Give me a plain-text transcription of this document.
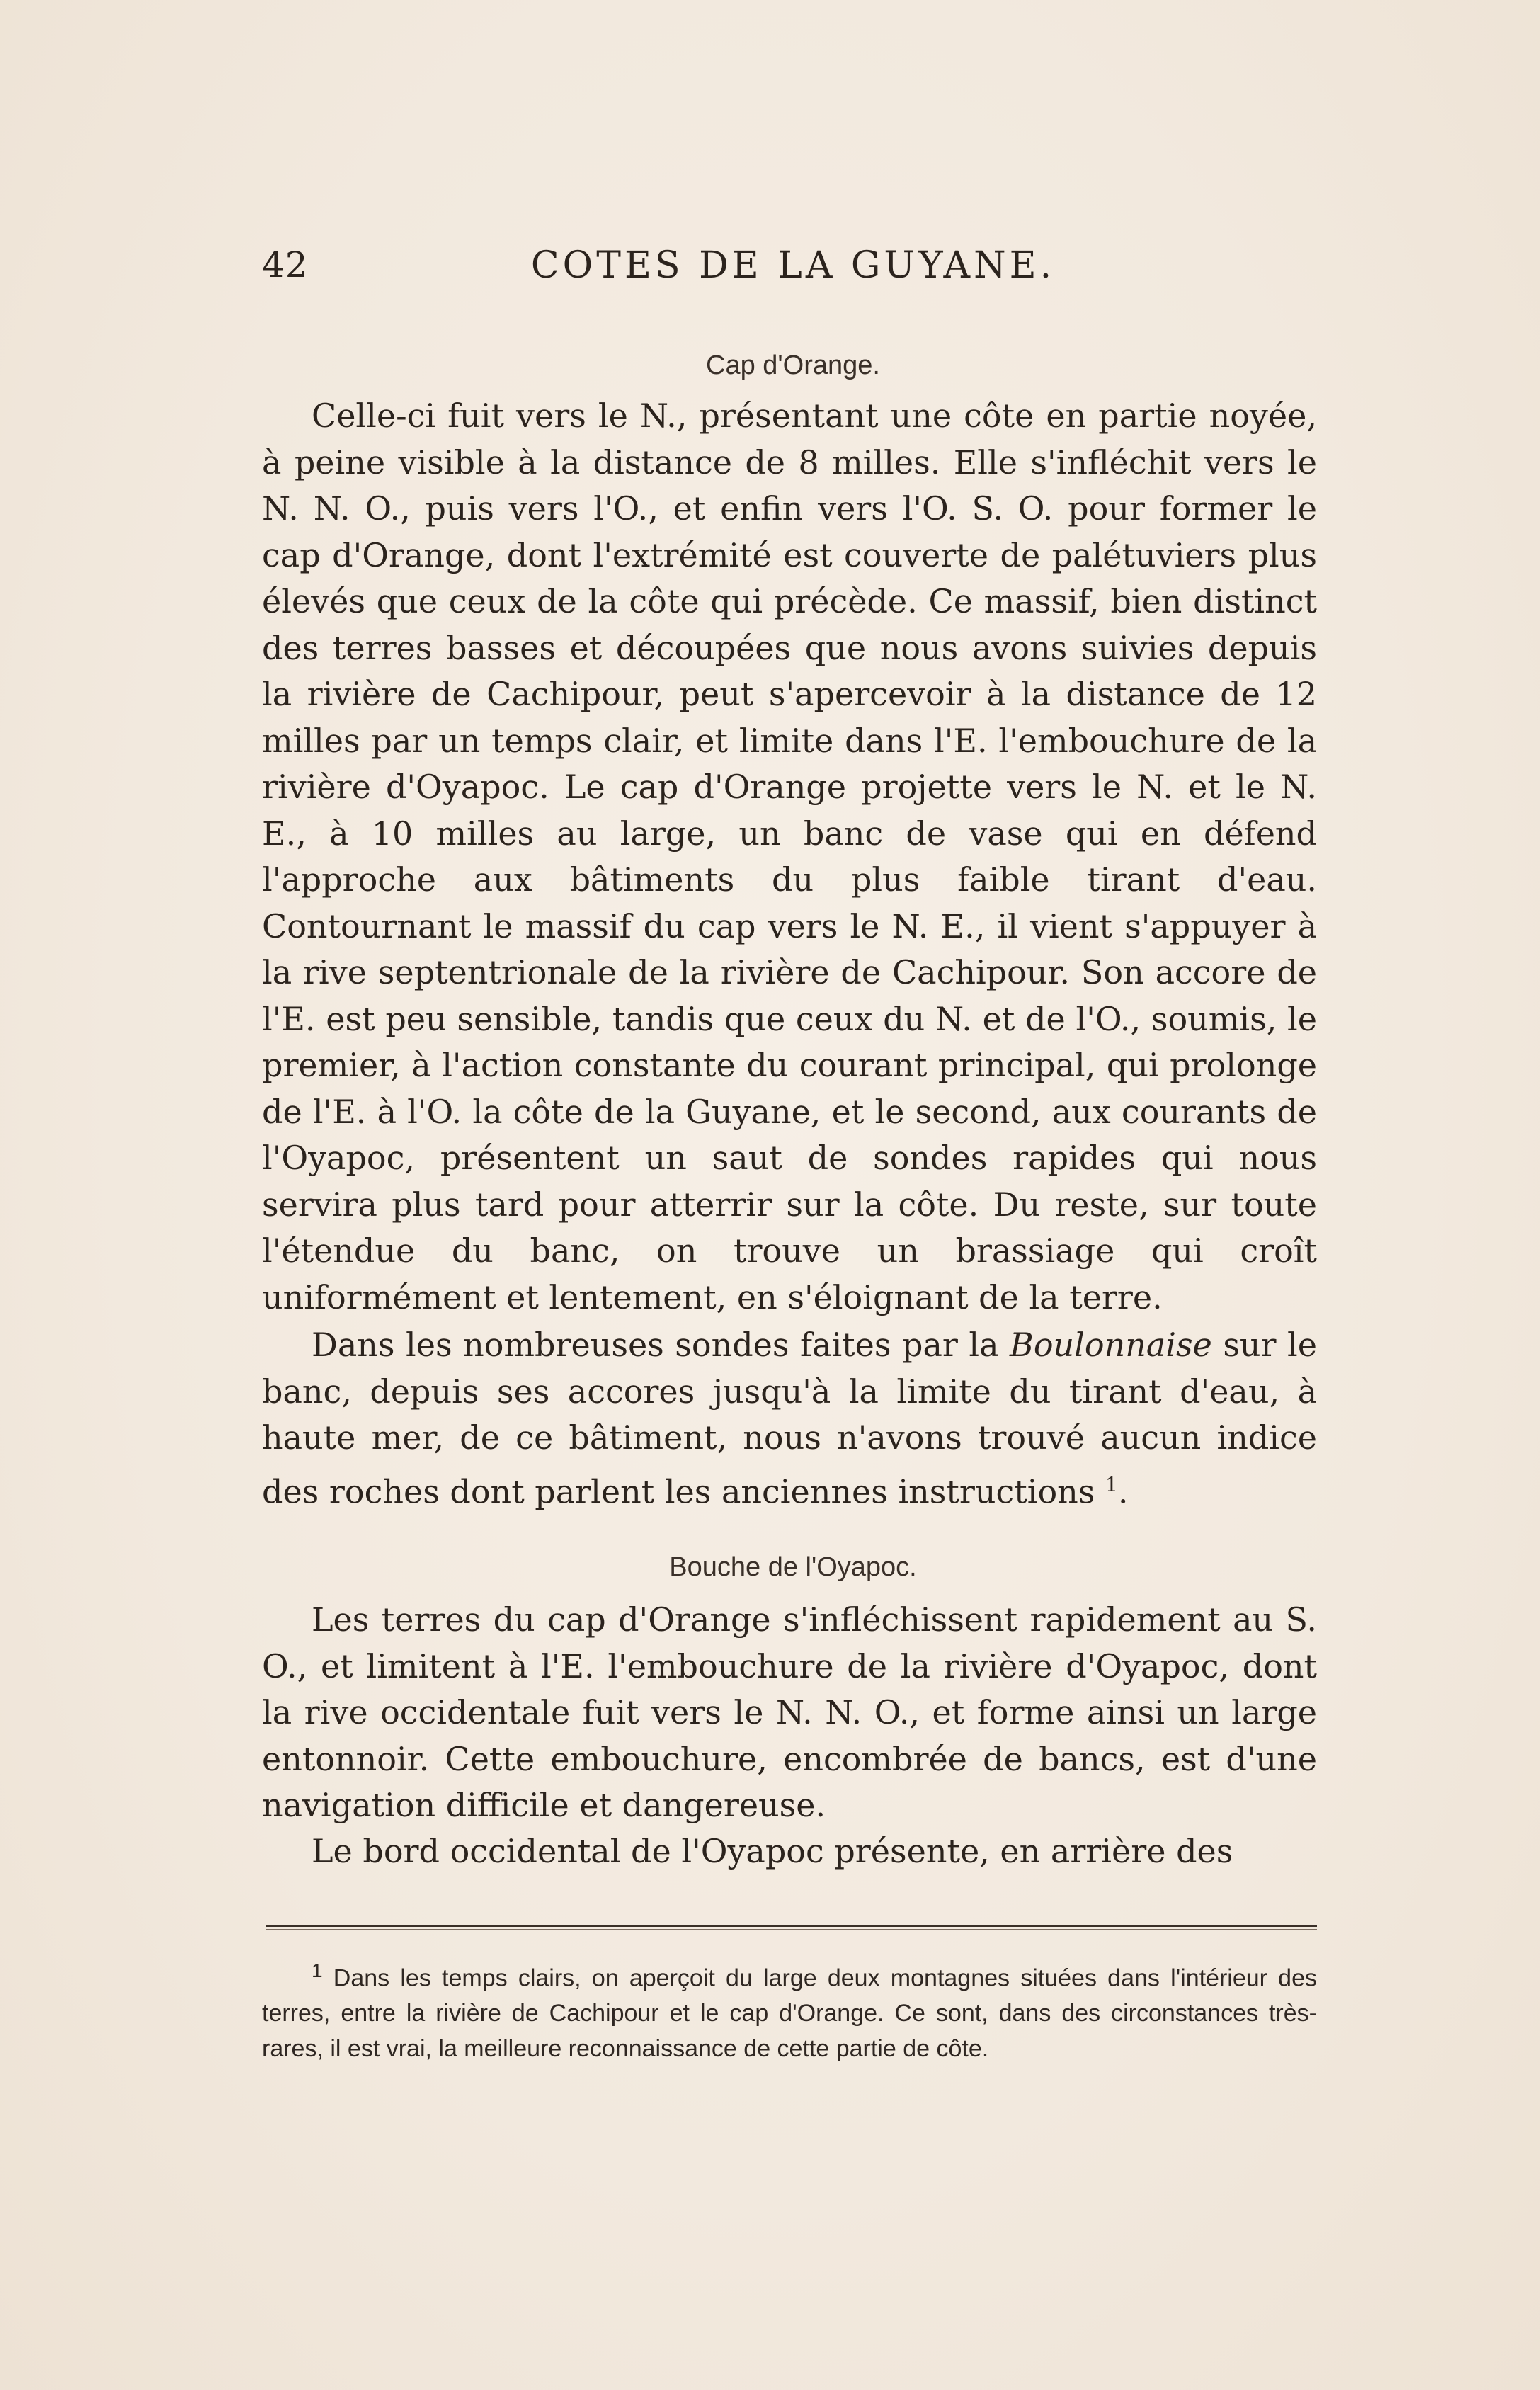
42	COTES DE LA GUYANE.
Cap d'Orange.

Celle-ci fuit vers le N., présentant une côte en partie noyée, à peine visible à la distance de 8 milles. Elle s'infléchit vers le N. N. O., puis vers l'O., et enfin vers l'O. S. O. pour former le cap d'Orange, dont l'extrémité est couverte de palétuviers plus élevés que ceux de la côte qui précède. Ce massif, bien distinct des terres basses et découpées que nous avons suivies depuis la rivière de Cachipour, peut s'apercevoir à la distance de 12 milles par un temps clair, et limite dans l'E. l'embouchure de la rivière d'Oyapoc. Le cap d'Orange projette vers le N. et le N. E., à 10 milles au large, un banc de vase qui en défend l'approche aux bâtiments du plus faible tirant d'eau. Contournant le massif du cap vers le N. E., il vient s'appuyer à la rive septentrionale de la rivière de Cachipour. Son accore de l'E. est peu sensible, tandis que ceux du N. et de l'O., soumis, le premier, à l'action constante du courant principal, qui prolonge de l'E. à l'O. la côte de la Guyane, et le second, aux courants de l'Oyapoc, présentent un saut de sondes rapides qui nous servira plus tard pour atterrir sur la côte. Du reste, sur toute l'étendue du banc, on trouve un brassiage qui croît uniformément et lentement, en s'éloignant de la terre.

Dans les nombreuses sondes faites par la Boulonnaise sur le banc, depuis ses accores jusqu'à la limite du tirant d'eau, à haute mer, de ce bâtiment, nous n'avons trouvé aucun indice des roches dont parlent les anciennes instructions $^1$.

Bouche de l'Oyapoc.

Les terres du cap d'Orange s'infléchissent rapidement au S. O., et limitent à l'E. l'embouchure de la rivière d'Oyapoc, dont la rive occidentale fuit vers le N. N. O., et forme ainsi un large entonnoir. Cette embouchure, encombrée de bancs, est d'une navigation difficile et dangereuse.

Le bord occidental de l'Oyapoc présente, en arrière des

$^1$ Dans les temps clairs, on aperçoit du large deux montagnes situées dans l'intérieur des terres, entre la rivière de Cachipour et le cap d'Orange. Ce sont, dans des circonstances très-rares, il est vrai, la meilleure reconnaissance de cette partie de côte.
